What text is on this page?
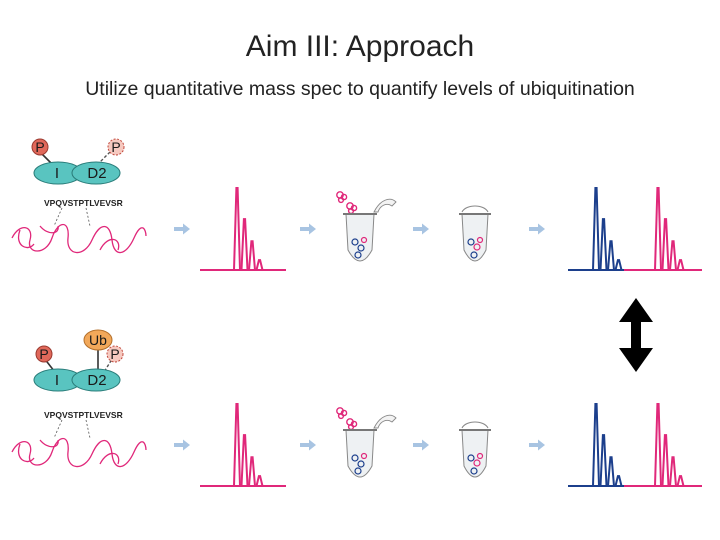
Aim III: Approach
Utilize quantitative mass spec to quantify levels of ubiquitination
P	P
I D2
VPQVSTPTLVEVSR
Ub
P	P
I D2
VPQVSTPTLVEVSR
